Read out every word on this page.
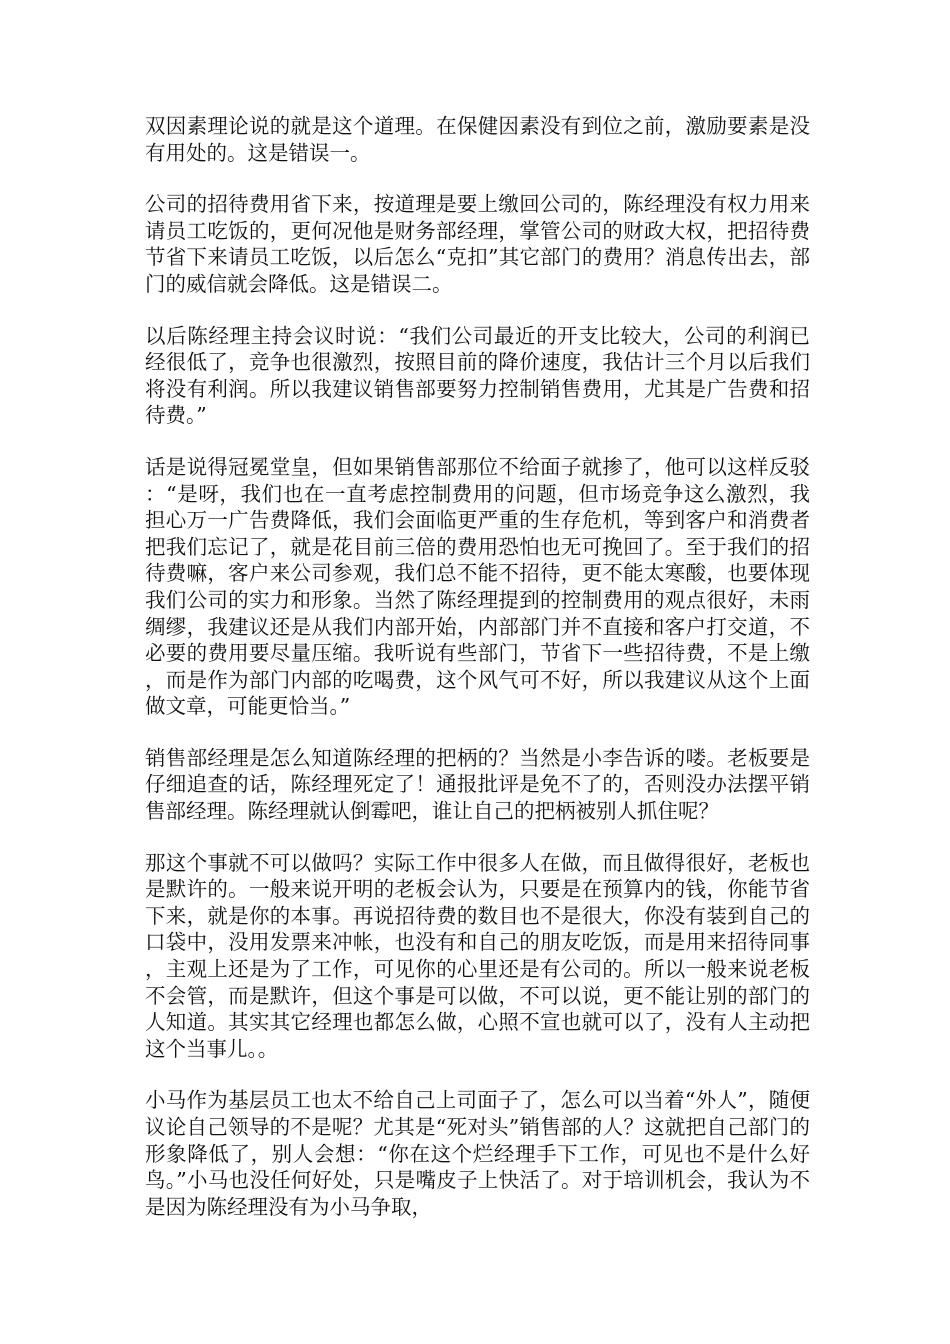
双因素理论说的就是这个道理。在保健因素没有到位之前，激励要素是没有用处的。这是错误一。

公司的招待费用省下来，按道理是要上缴回公司的，陈经理没有权力用来请员工吃饭的，更何况他是财务部经理，掌管公司的财政大权，把招待费节省下来请员工吃饭，以后怎么“克扣”其它部门的费用？消息传出去，部门的威信就会降低。这是错误二。

以后陈经理主持会议时说：“我们公司最近的开支比较大，公司的利润已经很低了，竞争也很激烈，按照目前的降价速度，我估计三个月以后我们将没有利润。所以我建议销售部要努力控制销售费用，尤其是广告费和招待费。”

话是说得冠冕堂皇，但如果销售部那位不给面子就掺了，他可以这样反驳：“是呀，我们也在一直考虑控制费用的问题，但市场竞争这么激烈，我担心万一广告费降低，我们会面临更严重的生存危机，等到客户和消费者把我们忘记了，就是花目前三倍的费用恐怕也无可挽回了。至于我们的招待费嘛，客户来公司参观，我们总不能不招待，更不能太寒酸，也要体现我们公司的实力和形象。当然了陈经理提到的控制费用的观点很好，未雨绸缪，我建议还是从我们内部开始，内部部门并不直接和客户打交道，不必要的费用要尽量压缩。我听说有些部门，节省下一些招待费，不是上缴，而是作为部门内部的吃喝费，这个风气可不好，所以我建议从这个上面做文章，可能更恰当。”

销售部经理是怎么知道陈经理的把柄的？当然是小李告诉的喽。老板要是仔细追查的话，陈经理死定了！通报批评是免不了的，否则没办法摆平销售部经理。陈经理就认倒霉吧，谁让自己的把柄被别人抓住呢？

那这个事就不可以做吗？实际工作中很多人在做，而且做得很好，老板也是默许的。一般来说开明的老板会认为，只要是在预算内的钱，你能节省下来，就是你的本事。再说招待费的数目也不是很大，你没有装到自己的口袋中，没用发票来冲帐，也没有和自己的朋友吃饭，而是用来招待同事，主观上还是为了工作，可见你的心里还是有公司的。所以一般来说老板不会管，而是默许，但这个事是可以做，不可以说，更不能让别的部门的人知道。其实其它经理也都怎么做，心照不宣也就可以了，没有人主动把这个当事儿。。

小马作为基层员工也太不给自己上司面子了，怎么可以当着“外人”，随便议论自己领导的不是呢？尤其是“死对头”销售部的人？这就把自己部门的形象降低了，别人会想：“你在这个烂经理手下工作，可见也不是什么好鸟。”小马也没任何好处，只是嘴皮子上快活了。对于培训机会，我认为不是因为陈经理没有为小马争取，
